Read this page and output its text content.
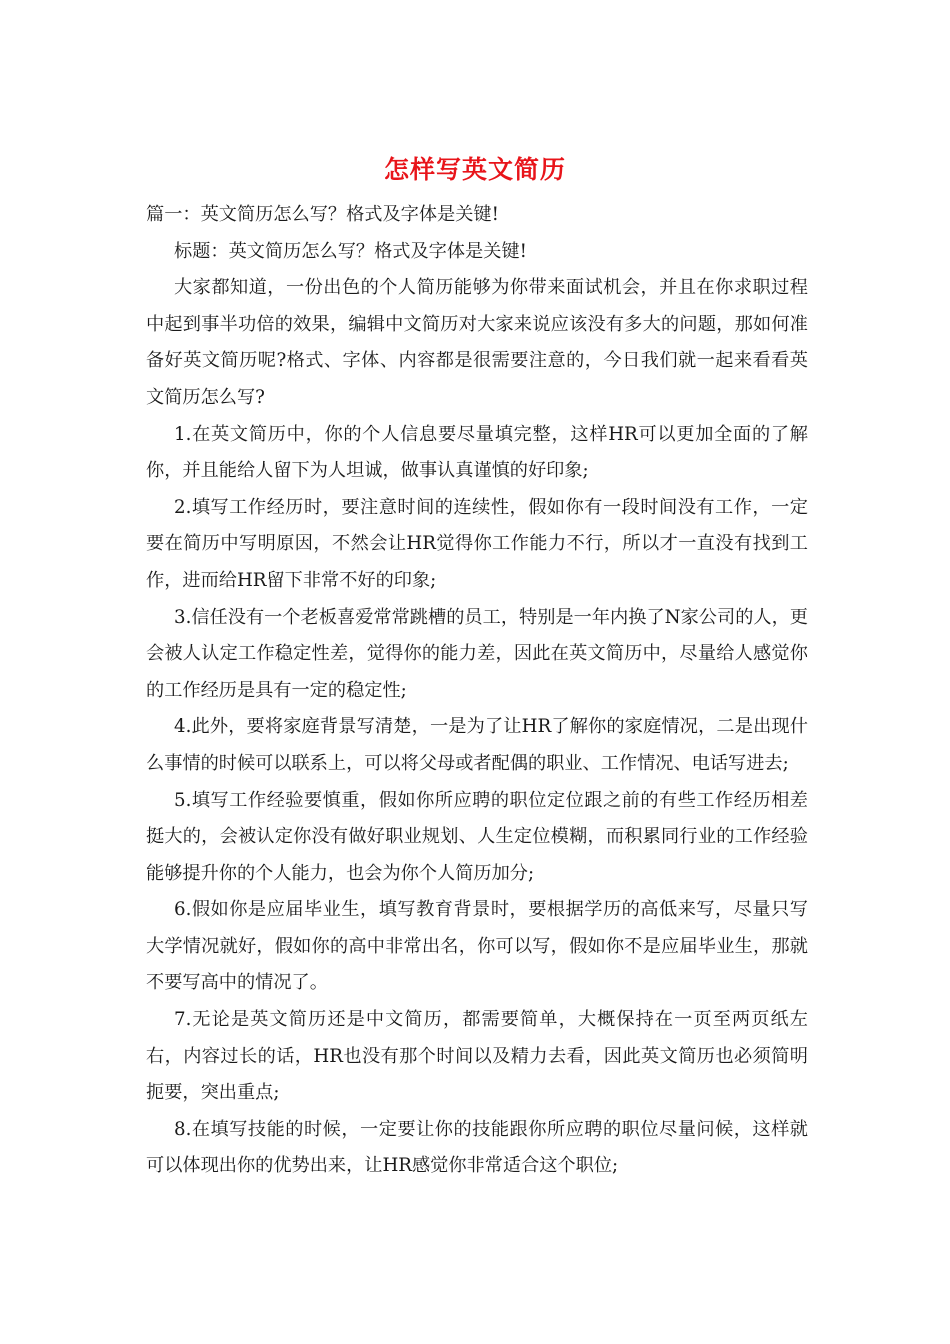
怎样写英文简历

篇一：英文简历怎么写？格式及字体是关键!

标题：英文简历怎么写？格式及字体是关键!

大家都知道，一份出色的个人简历能够为你带来面试机会，并且在你求职过程中起到事半功倍的效果，编辑中文简历对大家来说应该没有多大的问题，那如何准备好英文简历呢?格式、字体、内容都是很需要注意的，今日我们就一起来看看英文简历怎么写?

1.在英文简历中，你的个人信息要尽量填完整，这样HR可以更加全面的了解你，并且能给人留下为人坦诚，做事认真谨慎的好印象;

2.填写工作经历时，要注意时间的连续性，假如你有一段时间没有工作，一定要在简历中写明原因，不然会让HR觉得你工作能力不行，所以才一直没有找到工作，进而给HR留下非常不好的印象;

3.信任没有一个老板喜爱常常跳槽的员工，特别是一年内换了N家公司的人，更会被人认定工作稳定性差，觉得你的能力差，因此在英文简历中，尽量给人感觉你的工作经历是具有一定的稳定性;

4.此外，要将家庭背景写清楚，一是为了让HR了解你的家庭情况，二是出现什么事情的时候可以联系上，可以将父母或者配偶的职业、工作情况、电话写进去;

5.填写工作经验要慎重，假如你所应聘的职位定位跟之前的有些工作经历相差挺大的，会被认定你没有做好职业规划、人生定位模糊，而积累同行业的工作经验能够提升你的个人能力，也会为你个人简历加分;

6.假如你是应届毕业生，填写教育背景时，要根据学历的高低来写，尽量只写大学情况就好，假如你的高中非常出名，你可以写，假如你不是应届毕业生，那就不要写高中的情况了。

7.无论是英文简历还是中文简历，都需要简单，大概保持在一页至两页纸左右，内容过长的话，HR也没有那个时间以及精力去看，因此英文简历也必须简明扼要，突出重点;

8.在填写技能的时候，一定要让你的技能跟你所应聘的职位尽量问候，这样就可以体现出你的优势出来，让HR感觉你非常适合这个职位;
